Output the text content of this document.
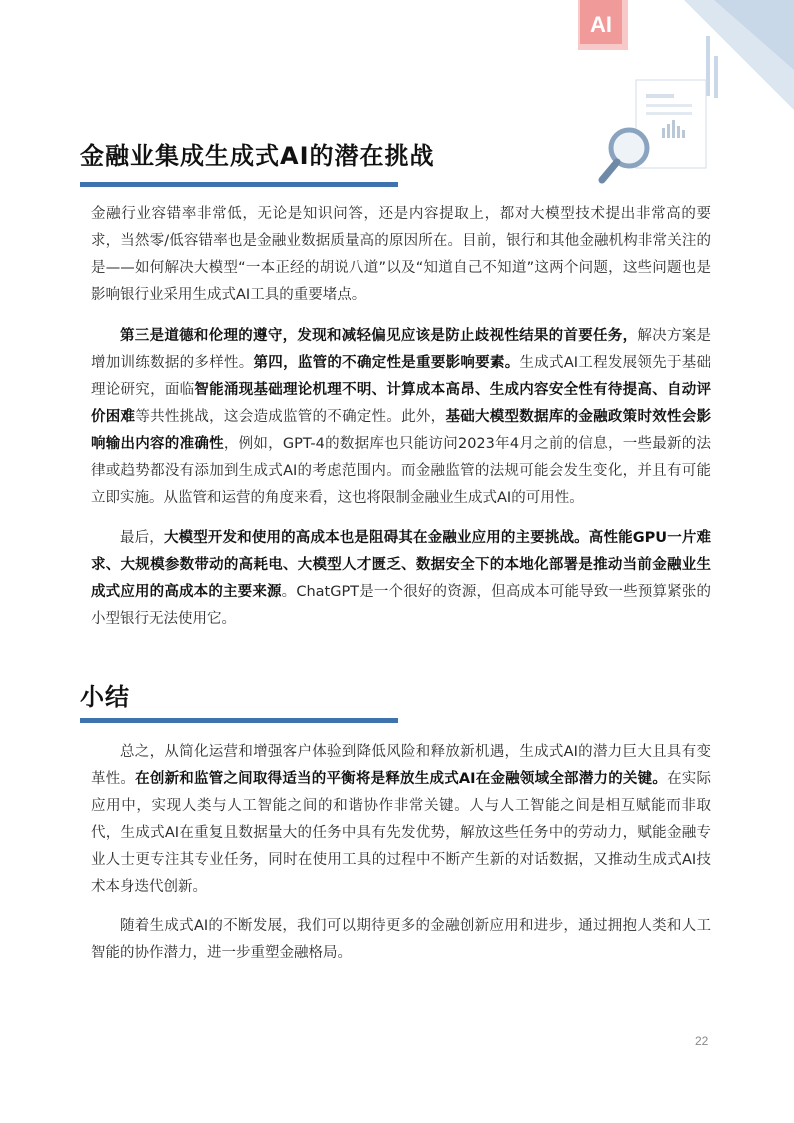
AI
金融业集成生成式AI的潜在挑战

金融行业容错率非常低，无论是知识问答，还是内容提取上，都对大模型技术提出非常高的要求，当然零/低容错率也是金融业数据质量高的原因所在。目前，银行和其他金融机构非常关注的是——如何解决大模型“一本正经的胡说八道”以及“知道自己不知道”这两个问题，这些问题也是影响银行业采用生成式AI工具的重要堵点。

第三是道德和伦理的遵守，发现和减轻偏见应该是防止歧视性结果的首要任务，解决方案是增加训练数据的多样性。第四，监管的不确定性是重要影响要素。生成式AI工程发展领先于基础理论研究，面临智能涌现基础理论机理不明、计算成本高昂、生成内容安全性有待提高、自动评价困难等共性挑战，这会造成监管的不确定性。此外，基础大模型数据库的金融政策时效性会影响输出内容的准确性，例如，GPT-4的数据库也只能访问2023年4月之前的信息，一些最新的法律或趋势都没有添加到生成式AI的考虑范围内。而金融监管的法规可能会发生变化，并且有可能立即实施。从监管和运营的角度来看，这也将限制金融业生成式AI的可用性。

最后，大模型开发和使用的高成本也是阻碍其在金融业应用的主要挑战。高性能GPU一片难求、大规模参数带动的高耗电、大模型人才匮乏、数据安全下的本地化部署是推动当前金融业生成式应用的高成本的主要来源。ChatGPT是一个很好的资源，但高成本可能导致一些预算紧张的小型银行无法使用它。

小结

总之，从简化运营和增强客户体验到降低风险和释放新机遇，生成式AI的潜力巨大且具有变革性。在创新和监管之间取得适当的平衡将是释放生成式AI在金融领域全部潜力的关键。在实际应用中，实现人类与人工智能之间的和谐协作非常关键。人与人工智能之间是相互赋能而非取代，生成式AI在重复且数据量大的任务中具有先发优势，解放这些任务中的劳动力，赋能金融专业人士更专注其专业任务，同时在使用工具的过程中不断产生新的对话数据，又推动生成式AI技术本身迭代创新。

随着生成式AI的不断发展，我们可以期待更多的金融创新应用和进步，通过拥抱人类和人工智能的协作潜力，进一步重塑金融格局。

22
